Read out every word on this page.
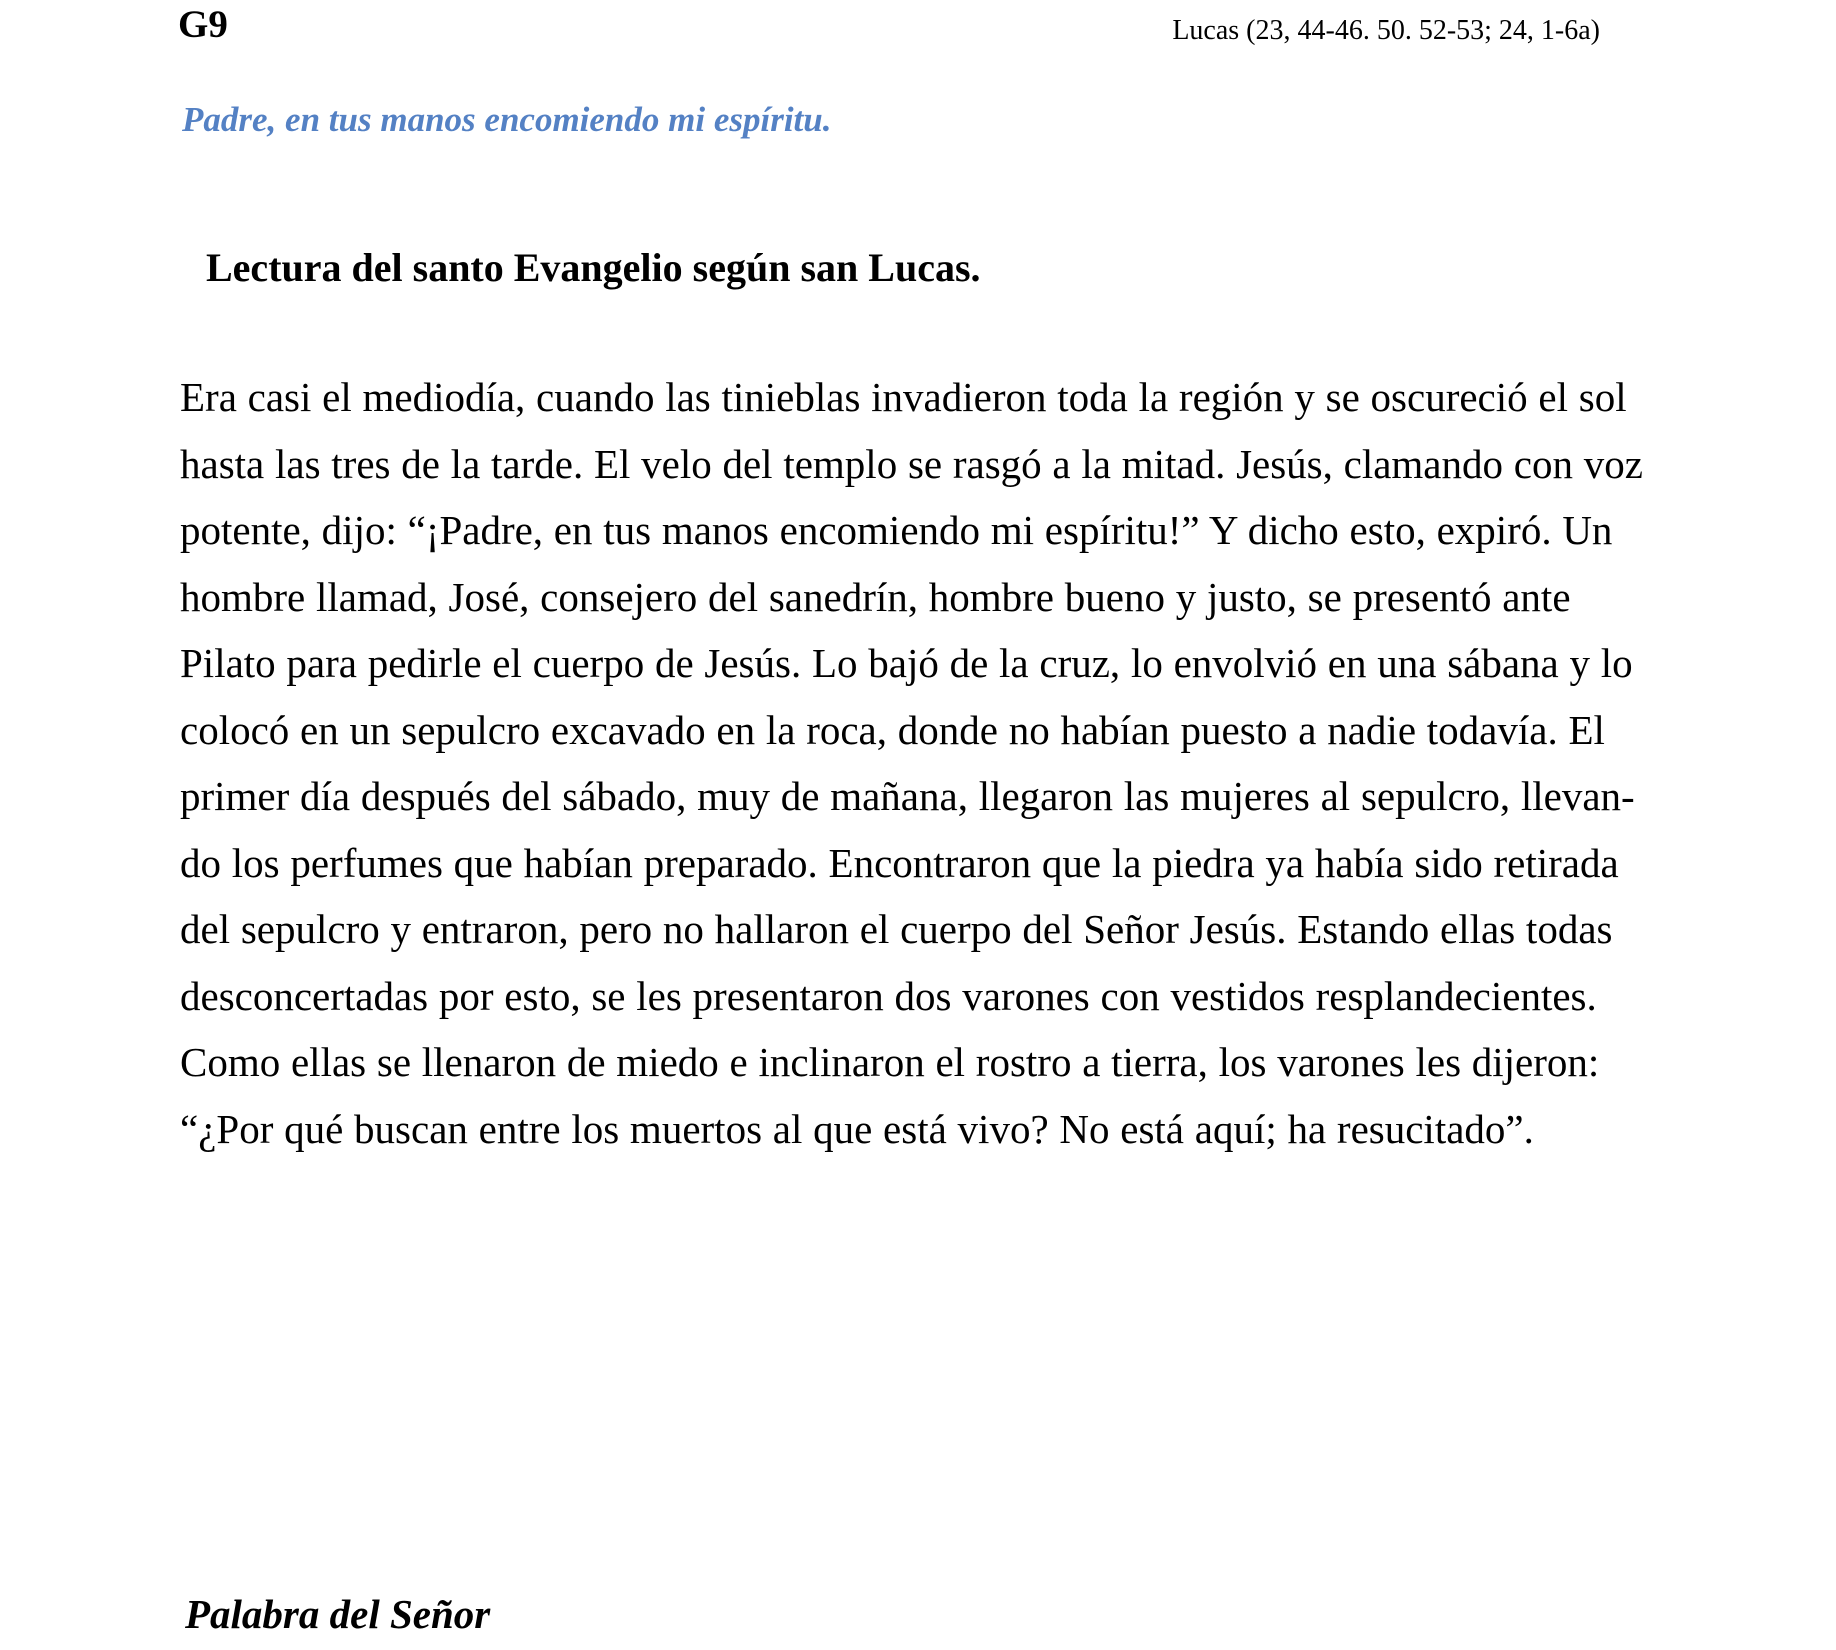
G9	Lucas (23, 44-46. 50. 52-53; 24, 1-6a)
Padre, en tus manos encomiendo mi espíritu.
Lectura del santo Evangelio según san Lucas.

Era casi el mediodía, cuando las tinieblas invadieron toda la región y se oscureció el sol hasta las tres de la tarde. El velo del templo se rasgó a la mitad. Jesús, clamando con voz potente, dijo: “¡Padre, en tus manos encomiendo mi espíritu!” Y dicho esto, expiró. Un hombre llamad, José, consejero del sanedrín, hombre bueno y justo, se presentó ante Pilato para pedirle el cuerpo de Jesús. Lo bajó de la cruz, lo envolvió en una sábana y lo colocó en un sepulcro excavado en la roca, donde no habían puesto a nadie todavía. El primer día después del sábado, muy de mañana, llegaron las mujeres al sepulcro, llevan- do los perfumes que habían preparado. Encontraron que la piedra ya había sido retirada del sepulcro y entraron, pero no hallaron el cuerpo del Señor Jesús. Estando ellas todas desconcertadas por esto, se les presentaron dos varones con vestidos resplandecientes.

Como ellas se llenaron de miedo e inclinaron el rostro a tierra, los varones les dijeron: “¿Por qué buscan entre los muertos al que está vivo? No está aquí; ha resucitado”.

Palabra del Señor
